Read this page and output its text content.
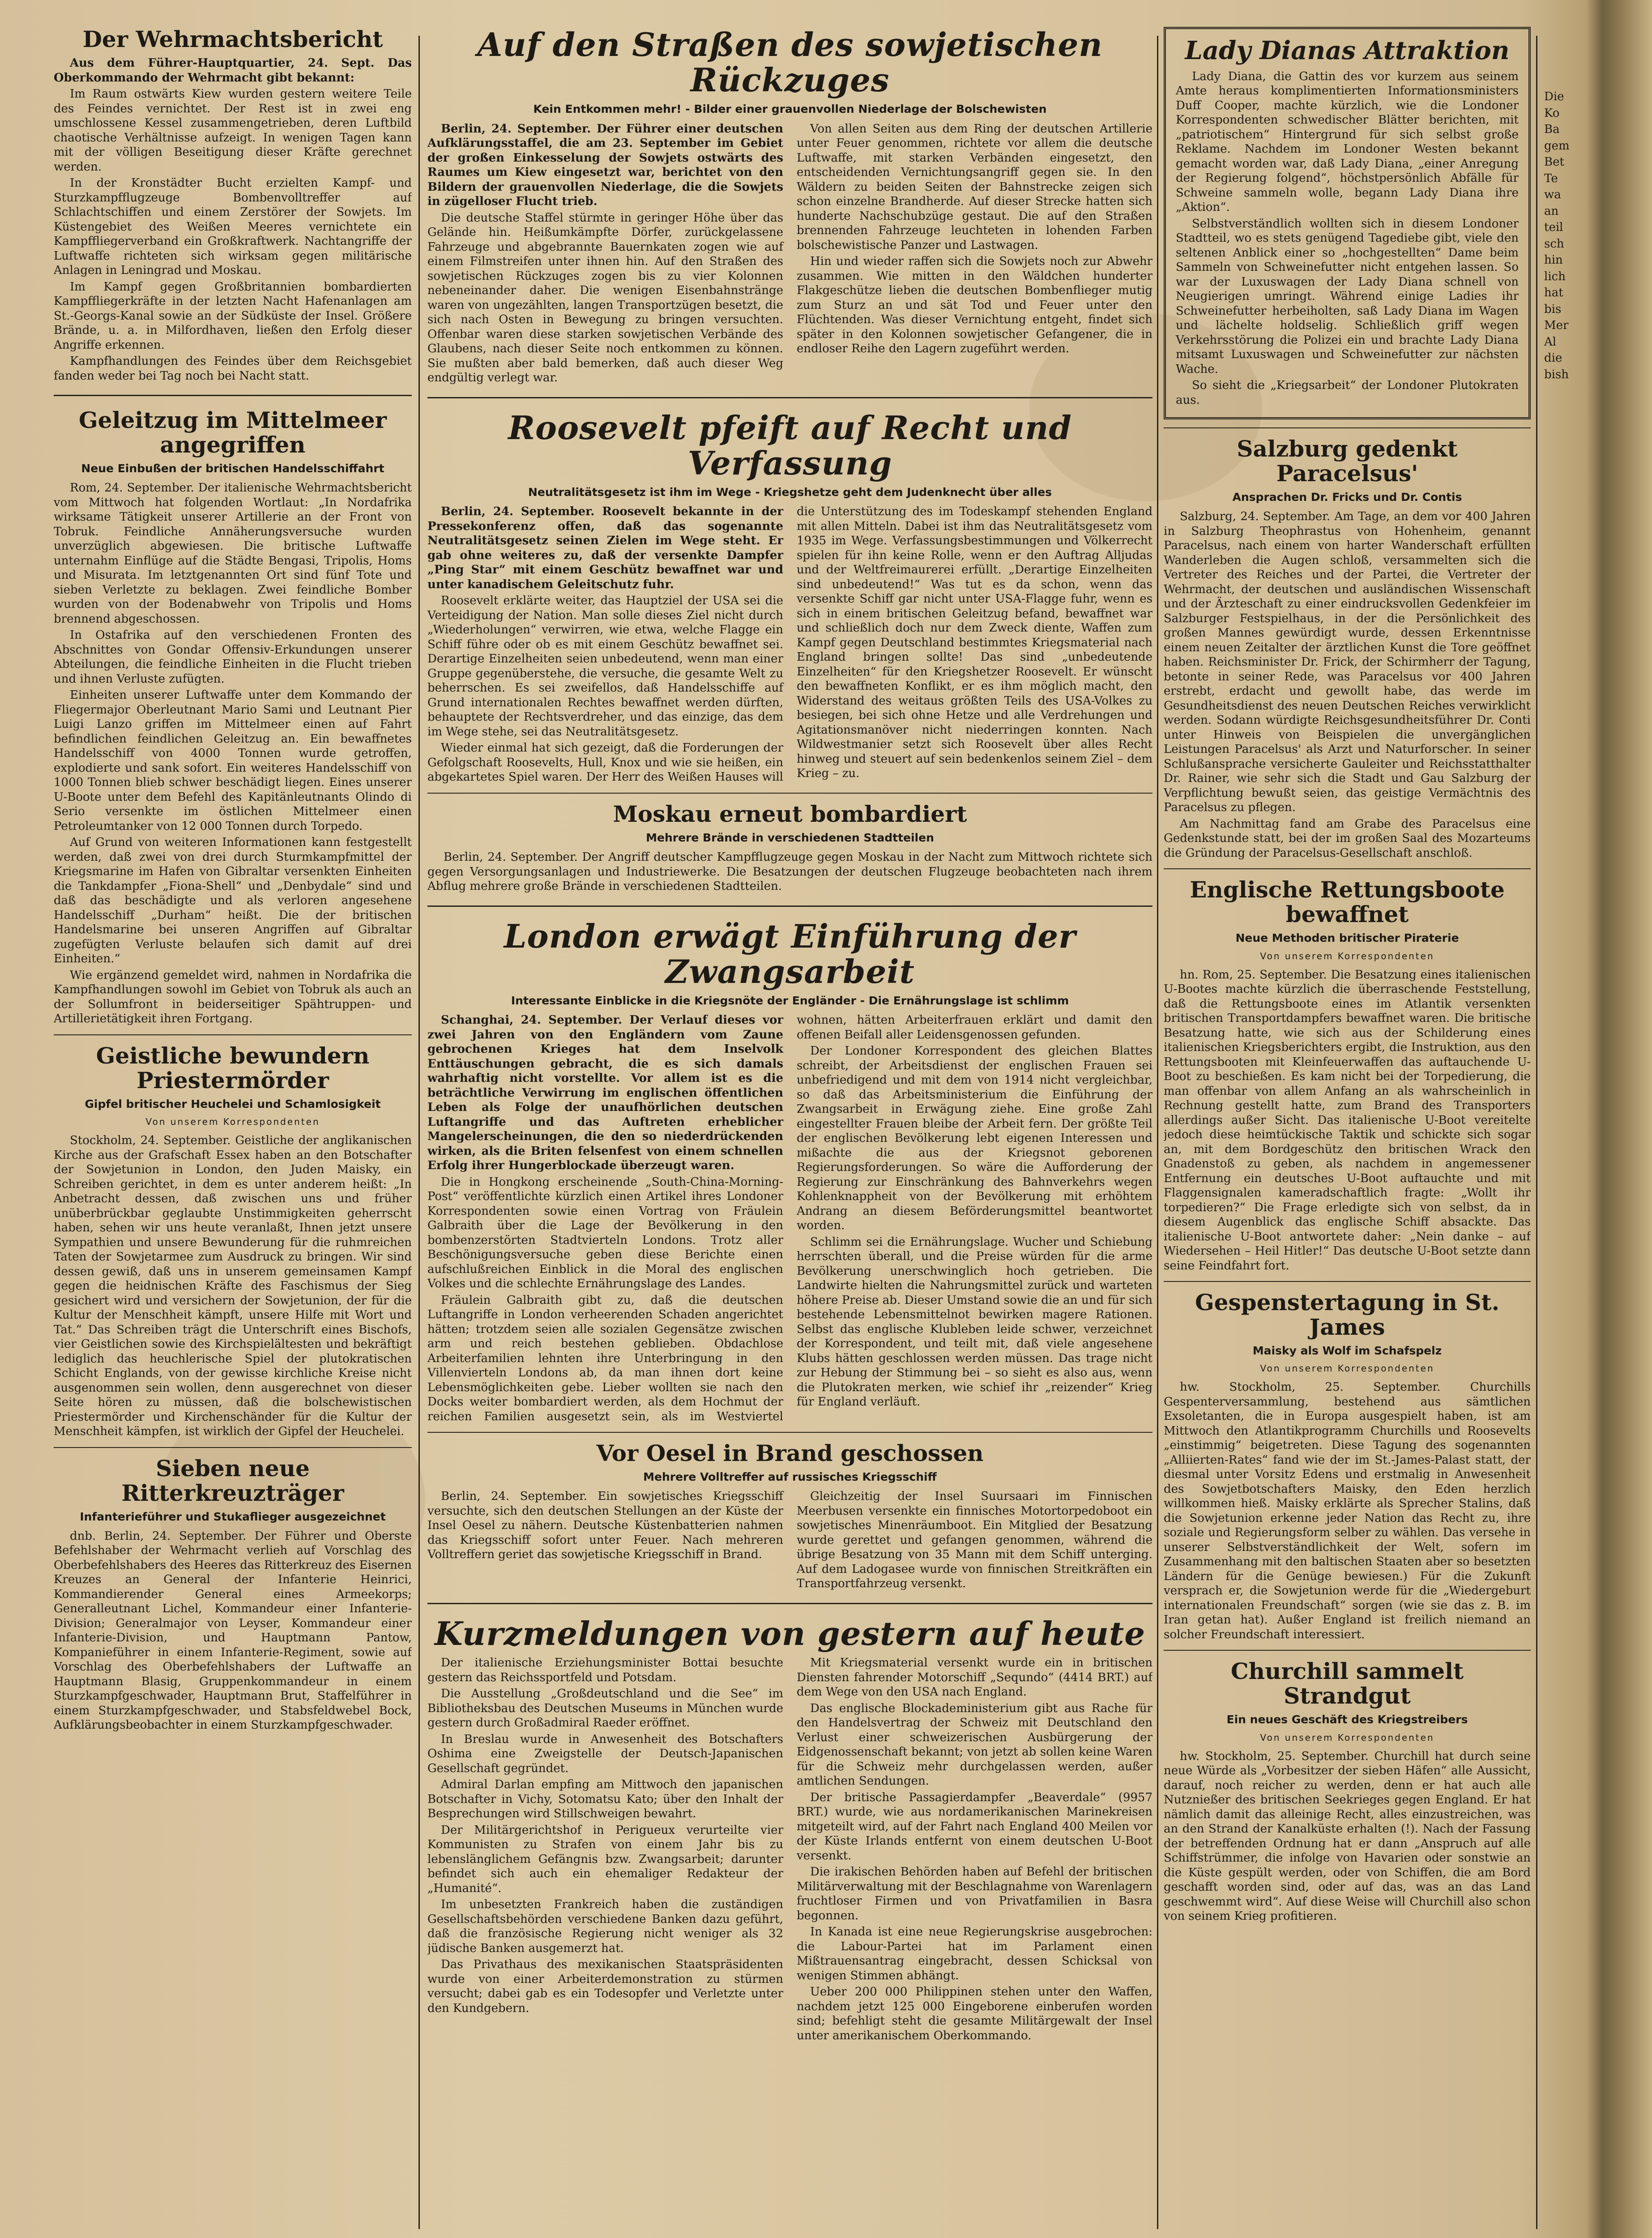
Der Wehrmachtsbericht

Aus dem Führer-Hauptquartier, 24. Sept. Das Oberkommando der Wehrmacht gibt bekannt:

Im Raum ostwärts Kiew wurden gestern weitere Teile des Feindes vernichtet. Der Rest ist in zwei eng umschlossene Kessel zusammengetrieben, deren Luftbild chaotische Verhältnisse aufzeigt. In wenigen Tagen kann mit der völligen Beseitigung dieser Kräfte gerechnet werden.

In der Kronstädter Bucht erzielten Kampf- und Sturzkampfflugzeuge Bombenvolltreffer auf Schlachtschiffen und einem Zerstörer der Sowjets. Im Küstengebiet des Weißen Meeres vernichtete ein Kampffliegerverband ein Großkraftwerk. Nachtangriffe der Luftwaffe richteten sich wirksam gegen militärische Anlagen in Leningrad und Moskau.

Im Kampf gegen Großbritannien bombardierten Kampffliegerkräfte in der letzten Nacht Hafenanlagen am St.-Georgs-Kanal sowie an der Südküste der Insel. Größere Brände, u. a. in Milfordhaven, ließen den Erfolg dieser Angriffe erkennen.

Kampfhandlungen des Feindes über dem Reichsgebiet fanden weder bei Tag noch bei Nacht statt.

Geleitzug im Mittelmeer angegriffen
Neue Einbußen der britischen Handelsschiffahrt

Rom, 24. September. Der italienische Wehrmachtsbericht vom Mittwoch hat folgenden Wortlaut: „In Nordafrika wirksame Tätigkeit unserer Artillerie an der Front von Tobruk. Feindliche Annäherungsversuche wurden unverzüglich abgewiesen. Die britische Luftwaffe unternahm Einflüge auf die Städte Bengasi, Tripolis, Homs und Misurata. Im letztgenannten Ort sind fünf Tote und sieben Verletzte zu beklagen. Zwei feindliche Bomber wurden von der Bodenabwehr von Tripolis und Homs brennend abgeschossen.

In Ostafrika auf den verschiedenen Fronten des Abschnittes von Gondar Offensiv-Erkundungen unserer Abteilungen, die feindliche Einheiten in die Flucht trieben und ihnen Verluste zufügten.

Einheiten unserer Luftwaffe unter dem Kommando der Fliegermajor Oberleutnant Mario Sami und Leutnant Pier Luigi Lanzo griffen im Mittelmeer einen auf Fahrt befindlichen feindlichen Geleitzug an. Ein bewaffnetes Handelsschiff von 4000 Tonnen wurde getroffen, explodierte und sank sofort. Ein weiteres Handelsschiff von 1000 Tonnen blieb schwer beschädigt liegen. Eines unserer U-Boote unter dem Befehl des Kapitänleutnants Olindo di Serio versenkte im östlichen Mittelmeer einen Petroleumtanker von 12 000 Tonnen durch Torpedo.

Auf Grund von weiteren Informationen kann festgestellt werden, daß zwei von drei durch Sturmkampfmittel der Kriegsmarine im Hafen von Gibraltar versenkten Einheiten die Tankdampfer „Fiona-Shell“ und „Denbydale“ sind und daß das beschädigte und als verloren angesehene Handelsschiff „Durham“ heißt. Die der britischen Handelsmarine bei unseren Angriffen auf Gibraltar zugefügten Verluste belaufen sich damit auf drei Einheiten.“

Wie ergänzend gemeldet wird, nahmen in Nordafrika die Kampfhandlungen sowohl im Gebiet von Tobruk als auch an der Sollumfront in beiderseitiger Spähtruppen- und Artillerietätigkeit ihren Fortgang.

Geistliche bewundern Priestermörder
Gipfel britischer Heuchelei und Schamlosigkeit
Von unserem Korrespondenten

Stockholm, 24. September. Geistliche der anglikanischen Kirche aus der Grafschaft Essex haben an den Botschafter der Sowjetunion in London, den Juden Maisky, ein Schreiben gerichtet, in dem es unter anderem heißt: „In Anbetracht dessen, daß zwischen uns und früher unüberbrückbar geglaubte Unstimmigkeiten geherrscht haben, sehen wir uns heute veranlaßt, Ihnen jetzt unsere Sympathien und unsere Bewunderung für die ruhmreichen Taten der Sowjetarmee zum Ausdruck zu bringen. Wir sind dessen gewiß, daß uns in unserem gemeinsamen Kampf gegen die heidnischen Kräfte des Faschismus der Sieg gesichert wird und versichern der Sowjetunion, der für die Kultur der Menschheit kämpft, unsere Hilfe mit Wort und Tat.“ Das Schreiben trägt die Unterschrift eines Bischofs, vier Geistlichen sowie des Kirchspielältesten und bekräftigt lediglich das heuchlerische Spiel der plutokratischen Schicht Englands, von der gewisse kirchliche Kreise nicht ausgenommen sein wollen, denn ausgerechnet von dieser Seite hören zu müssen, daß die bolschewistischen Priestermörder und Kirchenschänder für die Kultur der Menschheit kämpfen, ist wirklich der Gipfel der Heuchelei.

Sieben neue Ritterkreuzträger
Infanterieführer und Stukaflieger ausgezeichnet

dnb. Berlin, 24. September. Der Führer und Oberste Befehlshaber der Wehrmacht verlieh auf Vorschlag des Oberbefehlshabers des Heeres das Ritterkreuz des Eisernen Kreuzes an General der Infanterie Heinrici, Kommandierender General eines Armeekorps; Generalleutnant Lichel, Kommandeur einer Infanterie-Division; Generalmajor von Leyser, Kommandeur einer Infanterie-Division, und Hauptmann Pantow, Kompanieführer in einem Infanterie-Regiment, sowie auf Vorschlag des Oberbefehlshabers der Luftwaffe an Hauptmann Blasig, Gruppenkommandeur in einem Sturzkampfgeschwader, Hauptmann Brut, Staffelführer in einem Sturzkampfgeschwader, und Stabsfeldwebel Bock, Aufklärungsbeobachter in einem Sturzkampfgeschwader.

Auf den Straßen des sowjetischen Rückzuges
Kein Entkommen mehr! - Bilder einer grauenvollen Niederlage der Bolschewisten

Berlin, 24. September. Der Führer einer deutschen Aufklärungsstaffel, die am 23. September im Gebiet der großen Einkesselung der Sowjets ostwärts des Raumes um Kiew eingesetzt war, berichtet von den Bildern der grauenvollen Niederlage, die die Sowjets in zügelloser Flucht trieb.

Die deutsche Staffel stürmte in geringer Höhe über das Gelände hin. Heißumkämpfte Dörfer, zurückgelassene Fahrzeuge und abgebrannte Bauernkaten zogen wie auf einem Filmstreifen unter ihnen hin. Auf den Straßen des sowjetischen Rückzuges zogen bis zu vier Kolonnen nebeneinander daher. Die wenigen Eisenbahnstränge waren von ungezählten, langen Transportzügen besetzt, die sich nach Osten in Bewegung zu bringen versuchten. Offenbar waren diese starken sowjetischen Verbände des Glaubens, nach dieser Seite noch entkommen zu können. Sie mußten aber bald bemerken, daß auch dieser Weg endgültig verlegt war.

Von allen Seiten aus dem Ring der deutschen Artillerie unter Feuer genommen, richtete vor allem die deutsche Luftwaffe, mit starken Verbänden eingesetzt, den entscheidenden Vernichtungsangriff gegen sie. In den Wäldern zu beiden Seiten der Bahnstrecke zeigen sich schon einzelne Brandherde. Auf dieser Strecke hatten sich hunderte Nachschubzüge gestaut. Die auf den Straßen brennenden Fahrzeuge leuchteten in lohenden Farben bolschewistische Panzer und Lastwagen.

Hin und wieder raffen sich die Sowjets noch zur Abwehr zusammen. Wie mitten in den Wäldchen hunderter Flakgeschütze lieben die deutschen Bombenflieger mutig zum Sturz an und sät Tod und Feuer unter den Flüchtenden. Was dieser Vernichtung entgeht, findet sich später in den Kolonnen sowjetischer Gefangener, die in endloser Reihe den Lagern zugeführt werden.

Roosevelt pfeift auf Recht und Verfassung
Neutralitätsgesetz ist ihm im Wege - Kriegshetze geht dem Judenknecht über alles

Berlin, 24. September. Roosevelt bekannte in der Pressekonferenz offen, daß das sogenannte Neutralitätsgesetz seinen Zielen im Wege steht. Er gab ohne weiteres zu, daß der versenkte Dampfer „Ping Star“ mit einem Geschütz bewaffnet war und unter kanadischem Geleitschutz fuhr.

Roosevelt erklärte weiter, das Hauptziel der USA sei die Verteidigung der Nation. Man solle dieses Ziel nicht durch „Wiederholungen“ verwirren, wie etwa, welche Flagge ein Schiff führe oder ob es mit einem Geschütz bewaffnet sei. Derartige Einzelheiten seien unbedeutend, wenn man einer Gruppe gegenüberstehe, die versuche, die gesamte Welt zu beherrschen. Es sei zweifellos, daß Handelsschiffe auf Grund internationalen Rechtes bewaffnet werden dürften, behauptete der Rechtsverdreher, und das einzige, das dem im Wege stehe, sei das Neutralitätsgesetz.

Wieder einmal hat sich gezeigt, daß die Forderungen der Gefolgschaft Roosevelts, Hull, Knox und wie sie heißen, ein abgekartetes Spiel waren. Der Herr des Weißen Hauses will die Unterstützung des im Todeskampf stehenden England mit allen Mitteln. Dabei ist ihm das Neutralitätsgesetz vom 1935 im Wege. Verfassungsbestimmungen und Völkerrecht spielen für ihn keine Rolle, wenn er den Auftrag Alljudas und der Weltfreimaurerei erfüllt. „Derartige Einzelheiten sind unbedeutend!“ Was tut es da schon, wenn das versenkte Schiff gar nicht unter USA-Flagge fuhr, wenn es sich in einem britischen Geleitzug befand, bewaffnet war und schließlich doch nur dem Zweck diente, Waffen zum Kampf gegen Deutschland bestimmtes Kriegsmaterial nach England bringen sollte! Das sind „unbedeutende Einzelheiten“ für den Kriegshetzer Roosevelt. Er wünscht den bewaffneten Konflikt, er es ihm möglich macht, den Widerstand des weitaus größten Teils des USA-Volkes zu besiegen, bei sich ohne Hetze und alle Verdrehungen und Agitationsmanöver nicht niederringen konnten. Nach Wildwestmanier setzt sich Roosevelt über alles Recht hinweg und steuert auf sein bedenkenlos seinem Ziel – dem Krieg – zu.

Moskau erneut bombardiert
Mehrere Brände in verschiedenen Stadtteilen

Berlin, 24. September. Der Angriff deutscher Kampfflugzeuge gegen Moskau in der Nacht zum Mittwoch richtete sich gegen Versorgungsanlagen und Industriewerke. Die Besatzungen der deutschen Flugzeuge beobachteten nach ihrem Abflug mehrere große Brände in verschiedenen Stadtteilen.

London erwägt Einführung der Zwangsarbeit
Interessante Einblicke in die Kriegsnöte der Engländer - Die Ernährungslage ist schlimm

Schanghai, 24. September. Der Verlauf dieses vor zwei Jahren von den Engländern vom Zaune gebrochenen Krieges hat dem Inselvolk Enttäuschungen gebracht, die es sich damals wahrhaftig nicht vorstellte. Vor allem ist es die beträchtliche Verwirrung im englischen öffentlichen Leben als Folge der unaufhörlichen deutschen Luftangriffe und das Auftreten erheblicher Mangelerscheinungen, die den so niederdrückenden wirken, als die Briten felsenfest von einem schnellen Erfolg ihrer Hungerblockade überzeugt waren.

Die in Hongkong erscheinende „South-China-Morning-Post“ veröffentlichte kürzlich einen Artikel ihres Londoner Korrespondenten sowie einen Vortrag von Fräulein Galbraith über die Lage der Bevölkerung in den bombenzerstörten Stadtvierteln Londons. Trotz aller Beschönigungsversuche geben diese Berichte einen aufschlußreichen Einblick in die Moral des englischen Volkes und die schlechte Ernährungslage des Landes.

Fräulein Galbraith gibt zu, daß die deutschen Luftangriffe in London verheerenden Schaden angerichtet hätten; trotzdem seien alle sozialen Gegensätze zwischen arm und reich bestehen geblieben. Obdachlose Arbeiterfamilien lehnten ihre Unterbringung in den Villenvierteln Londons ab, da man ihnen dort keine Lebensmöglichkeiten gebe. Lieber wollten sie nach den Docks weiter bombardiert werden, als dem Hochmut der reichen Familien ausgesetzt sein, als im Westviertel wohnen, hätten Arbeiterfrauen erklärt und damit den offenen Beifall aller Leidensgenossen gefunden.

Der Londoner Korrespondent des gleichen Blattes schreibt, der Arbeitsdienst der englischen Frauen sei unbefriedigend und mit dem von 1914 nicht vergleichbar, so daß das Arbeitsministerium die Einführung der Zwangsarbeit in Erwägung ziehe. Eine große Zahl eingestellter Frauen bleibe der Arbeit fern. Der größte Teil der englischen Bevölkerung lebt eigenen Interessen und mißachte die aus der Kriegsnot geborenen Regierungsforderungen. So wäre die Aufforderung der Regierung zur Einschränkung des Bahnverkehrs wegen Kohlenknappheit von der Bevölkerung mit erhöhtem Andrang an diesem Beförderungsmittel beantwortet worden.

Schlimm sei die Ernährungslage. Wucher und Schiebung herrschten überall, und die Preise würden für die arme Bevölkerung unerschwinglich hoch getrieben. Die Landwirte hielten die Nahrungsmittel zurück und warteten höhere Preise ab. Dieser Umstand sowie die an und für sich bestehende Lebensmittelnot bewirken magere Rationen. Selbst das englische Klubleben leide schwer, verzeichnet der Korrespondent, und teilt mit, daß viele angesehene Klubs hätten geschlossen werden müssen. Das trage nicht zur Hebung der Stimmung bei – so sieht es also aus, wenn die Plutokraten merken, wie schief ihr „reizender“ Krieg für England verläuft.

Vor Oesel in Brand geschossen
Mehrere Volltreffer auf russisches Kriegsschiff

Berlin, 24. September. Ein sowjetisches Kriegsschiff versuchte, sich den deutschen Stellungen an der Küste der Insel Oesel zu nähern. Deutsche Küstenbatterien nahmen das Kriegsschiff sofort unter Feuer. Nach mehreren Volltreffern geriet das sowjetische Kriegsschiff in Brand.

Gleichzeitig der Insel Suursaari im Finnischen Meerbusen versenkte ein finnisches Motortorpedoboot ein sowjetisches Minenräumboot. Ein Mitglied der Besatzung wurde gerettet und gefangen genommen, während die übrige Besatzung von 35 Mann mit dem Schiff unterging. Auf dem Ladogasee wurde von finnischen Streitkräften ein Transportfahrzeug versenkt.

Kurzmeldungen von gestern auf heute

Der italienische Erziehungsminister Bottai besuchte gestern das Reichssportfeld und Potsdam.

Die Ausstellung „Großdeutschland und die See“ im Bibliotheksbau des Deutschen Museums in München wurde gestern durch Großadmiral Raeder eröffnet.

In Breslau wurde in Anwesenheit des Botschafters Oshima eine Zweigstelle der Deutsch-Japanischen Gesellschaft gegründet.

Admiral Darlan empfing am Mittwoch den japanischen Botschafter in Vichy, Sotomatsu Kato; über den Inhalt der Besprechungen wird Stillschweigen bewahrt.

Der Militärgerichtshof in Perigueux verurteilte vier Kommunisten zu Strafen von einem Jahr bis zu lebenslänglichem Gefängnis bzw. Zwangsarbeit; darunter befindet sich auch ein ehemaliger Redakteur der „Humanité“.

Im unbesetzten Frankreich haben die zuständigen Gesellschaftsbehörden verschiedene Banken dazu geführt, daß die französische Regierung nicht weniger als 32 jüdische Banken ausgemerzt hat.

Das Privathaus des mexikanischen Staatspräsidenten wurde von einer Arbeiterdemonstration zu stürmen versucht; dabei gab es ein Todesopfer und Verletzte unter den Kundgebern.

Mit Kriegsmaterial versenkt wurde ein in britischen Diensten fahrender Motorschiff „Sequndo“ (4414 BRT.) auf dem Wege von den USA nach England.

Das englische Blockadeministerium gibt aus Rache für den Handelsvertrag der Schweiz mit Deutschland den Verlust einer schweizerischen Ausbürgerung der Eidgenossenschaft bekannt; von jetzt ab sollen keine Waren für die Schweiz mehr durchgelassen werden, außer amtlichen Sendungen.

Der britische Passagierdampfer „Beaverdale“ (9957 BRT.) wurde, wie aus nordamerikanischen Marinekreisen mitgeteilt wird, auf der Fahrt nach England 400 Meilen vor der Küste Irlands entfernt von einem deutschen U-Boot versenkt.

Die irakischen Behörden haben auf Befehl der britischen Militärverwaltung mit der Beschlagnahme von Warenlagern fruchtloser Firmen und von Privatfamilien in Basra begonnen.

In Kanada ist eine neue Regierungskrise ausgebrochen: die Labour-Partei hat im Parlament einen Mißtrauensantrag eingebracht, dessen Schicksal von wenigen Stimmen abhängt.

Ueber 200 000 Philippinen stehen unter den Waffen, nachdem jetzt 125 000 Eingeborene einberufen worden sind; befehligt steht die gesamte Militärgewalt der Insel unter amerikanischem Oberkommando.

Lady Dianas Attraktion

Lady Diana, die Gattin des vor kurzem aus seinem Amte heraus komplimentierten Informationsministers Duff Cooper, machte kürzlich, wie die Londoner Korrespondenten schwedischer Blätter berichten, mit „patriotischem“ Hintergrund für sich selbst große Reklame. Nachdem im Londoner Westen bekannt gemacht worden war, daß Lady Diana, „einer Anregung der Regierung folgend“, höchstpersönlich Abfälle für Schweine sammeln wolle, begann Lady Diana ihre „Aktion“.

Selbstverständlich wollten sich in diesem Londoner Stadtteil, wo es stets genügend Tagediebe gibt, viele den seltenen Anblick einer so „hochgestellten“ Dame beim Sammeln von Schweinefutter nicht entgehen lassen. So war der Luxuswagen der Lady Diana schnell von Neugierigen umringt. Während einige Ladies ihr Schweinefutter herbeiholten, saß Lady Diana im Wagen und lächelte holdselig. Schließlich griff wegen Verkehrsstörung die Polizei ein und brachte Lady Diana mitsamt Luxuswagen und Schweinefutter zur nächsten Wache.

So sieht die „Kriegsarbeit“ der Londoner Plutokraten aus.

Salzburg gedenkt Paracelsus'
Ansprachen Dr. Fricks und Dr. Contis

Salzburg, 24. September. Am Tage, an dem vor 400 Jahren in Salzburg Theophrastus von Hohenheim, genannt Paracelsus, nach einem von harter Wanderschaft erfüllten Wanderleben die Augen schloß, versammelten sich die Vertreter des Reiches und der Partei, die Vertreter der Wehrmacht, der deutschen und ausländischen Wissenschaft und der Ärzteschaft zu einer eindrucksvollen Gedenkfeier im Salzburger Festspielhaus, in der die Persönlichkeit des großen Mannes gewürdigt wurde, dessen Erkenntnisse einem neuen Zeitalter der ärztlichen Kunst die Tore geöffnet haben. Reichsminister Dr. Frick, der Schirmherr der Tagung, betonte in seiner Rede, was Paracelsus vor 400 Jahren erstrebt, erdacht und gewollt habe, das werde im Gesundheitsdienst des neuen Deutschen Reiches verwirklicht werden. Sodann würdigte Reichsgesundheitsführer Dr. Conti unter Hinweis von Beispielen die unvergänglichen Leistungen Paracelsus' als Arzt und Naturforscher. In seiner Schlußansprache versicherte Gauleiter und Reichsstatthalter Dr. Rainer, wie sehr sich die Stadt und Gau Salzburg der Verpflichtung bewußt seien, das geistige Vermächtnis des Paracelsus zu pflegen.

Am Nachmittag fand am Grabe des Paracelsus eine Gedenkstunde statt, bei der im großen Saal des Mozarteums die Gründung der Paracelsus-Gesellschaft anschloß.

Englische Rettungsboote bewaffnet
Neue Methoden britischer Piraterie
Von unserem Korrespondenten

hn. Rom, 25. September. Die Besatzung eines italienischen U-Bootes machte kürzlich die überraschende Feststellung, daß die Rettungsboote eines im Atlantik versenkten britischen Transportdampfers bewaffnet waren. Die britische Besatzung hatte, wie sich aus der Schilderung eines italienischen Kriegsberichters ergibt, die Instruktion, aus den Rettungsbooten mit Kleinfeuerwaffen das auftauchende U-Boot zu beschießen. Es kam nicht bei der Torpedierung, die man offenbar von allem Anfang an als wahrscheinlich in Rechnung gestellt hatte, zum Brand des Transporters allerdings außer Sicht. Das italienische U-Boot vereitelte jedoch diese heimtückische Taktik und schickte sich sogar an, mit dem Bordgeschütz den britischen Wrack den Gnadenstoß zu geben, als nachdem in angemessener Entfernung ein deutsches U-Boot auftauchte und mit Flaggensignalen kameradschaftlich fragte: „Wollt ihr torpedieren?“ Die Frage erledigte sich von selbst, da in diesem Augenblick das englische Schiff absackte. Das italienische U-Boot antwortete daher: „Nein danke – auf Wiedersehen – Heil Hitler!“ Das deutsche U-Boot setzte dann seine Feindfahrt fort.

Gespenstertagung in St. James
Maisky als Wolf im Schafspelz
Von unserem Korrespondenten

hw. Stockholm, 25. September. Churchills Gespenterversammlung, bestehend aus sämtlichen Exsoletanten, die in Europa ausgespielt haben, ist am Mittwoch den Atlantikprogramm Churchills und Roosevelts „einstimmig“ beigetreten. Diese Tagung des sogenannten „Alliierten-Rates“ fand wie der im St.-James-Palast statt, der diesmal unter Vorsitz Edens und erstmalig in Anwesenheit des Sowjetbotschafters Maisky, den Eden herzlich willkommen hieß. Maisky erklärte als Sprecher Stalins, daß die Sowjetunion erkenne jeder Nation das Recht zu, ihre soziale und Regierungsform selber zu wählen. Das versehe in unserer Selbstverständlichkeit der Welt, sofern im Zusammenhang mit den baltischen Staaten aber so besetzten Ländern für die Genüge bewiesen.) Für die Zukunft versprach er, die Sowjetunion werde für die „Wiedergeburt internationalen Freundschaft“ sorgen (wie sie das z. B. im Iran getan hat). Außer England ist freilich niemand an solcher Freundschaft interessiert.

Churchill sammelt Strandgut
Ein neues Geschäft des Kriegstreibers
Von unserem Korrespondenten

hw. Stockholm, 25. September. Churchill hat durch seine neue Würde als „Vorbesitzer der sieben Häfen“ alle Aussicht, darauf, noch reicher zu werden, denn er hat auch alle Nutznießer des britischen Seekrieges gegen England. Er hat nämlich damit das alleinige Recht, alles einzustreichen, was an den Strand der Kanalküste erhalten (!). Nach der Fassung der betreffenden Ordnung hat er dann „Anspruch auf alle Schiffstrümmer, die infolge von Havarien oder sonstwie an die Küste gespült werden, oder von Schiffen, die am Bord geschafft worden sind, oder auf das, was an das Land geschwemmt wird“. Auf diese Weise will Churchill also schon von seinem Krieg profitieren.

Die

Ko

Ba

gem

Bet

Te

wa

an

teil

sch

hin

lich

hat

bis

Mer

Al

die

bish
